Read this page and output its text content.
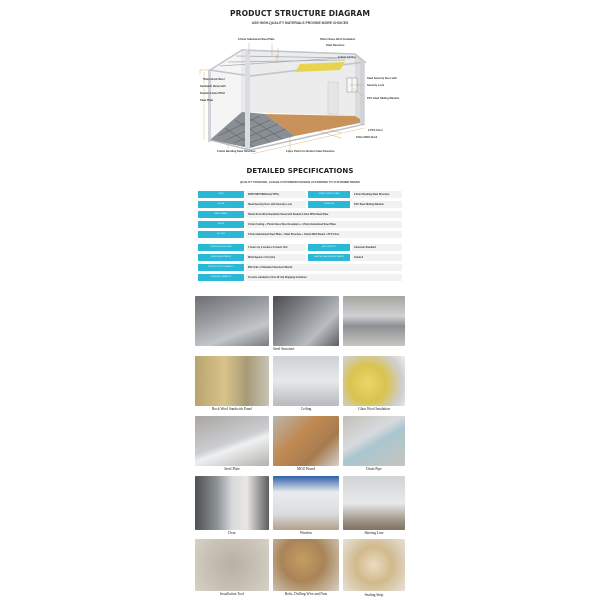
PRODUCT STRUCTURE DIAGRAM

USE HIGH-QUALITY MATERIALS PROVIDE MORE CHOICES

0.5mm Galvanized Steel Plate	50mm Glass Wool Insulation
Steel Structure
0.4mm Ceiling
50mm Rock Wool
Sandwich Panel with
Double 0.4mm PPGI
Steel Plate
Steel Security Door with
Security Lock
PVC Steel Sliding Window
2 PVC Floor
16mm MGO Bord
2.3mm Bending Steel Structure	14pcs Purlin for Bottom Steel Structure

DETAILED SPECIFICATIONS

QUALITY UPGRADE, CAN BE CUSTOMIZED DESIGN ACCORDING TO CUSTOMER NEEDS

SIZE	6055*2435*2896mm(L*W*H)	STEEL STRUCTURE	2.3mm Bending Steel Structure
DOOR	Steel Security Door with Security Lock	WINDOW	PVC Steel Sliding Window
WALL PANEL	50mm Rock Wool Sandwich Panel with Double 0.4mm PPGI Steel Plate
ROOF	0.4mm Ceiling + 75mm Glass Wool Insulation + 0.5mm Galvanized Steel Plate
FLOOR	0.5mm Galvanized Steel Plate + Steel Structure + 16mm MGO Board + PVC Floor
INSTALLATION TIME	2 hours by 4 workers for Each Unit	ELECTRICITY	American Standard
WIND RESISTANCE	Wind Speed ≤ 11.5 (m/s)	EARTHQUAKE RESISTANCE	Grade 8
PRODUCTION CAPACITY	800 Units of Standard Size Each Month
LOADING CAPACITY	16 units standard in One 40' HQ Shipping Container
Steel Structure
Rock Wool Sandwich Panel	Ceiling	Glass Wool Insulation
Steel Plate	MGO Board	Drain Pipe
Door	Window	Skirting Line
Installation Tool	Bolts, Drilling Wire and Nuts	Sealing Strip
